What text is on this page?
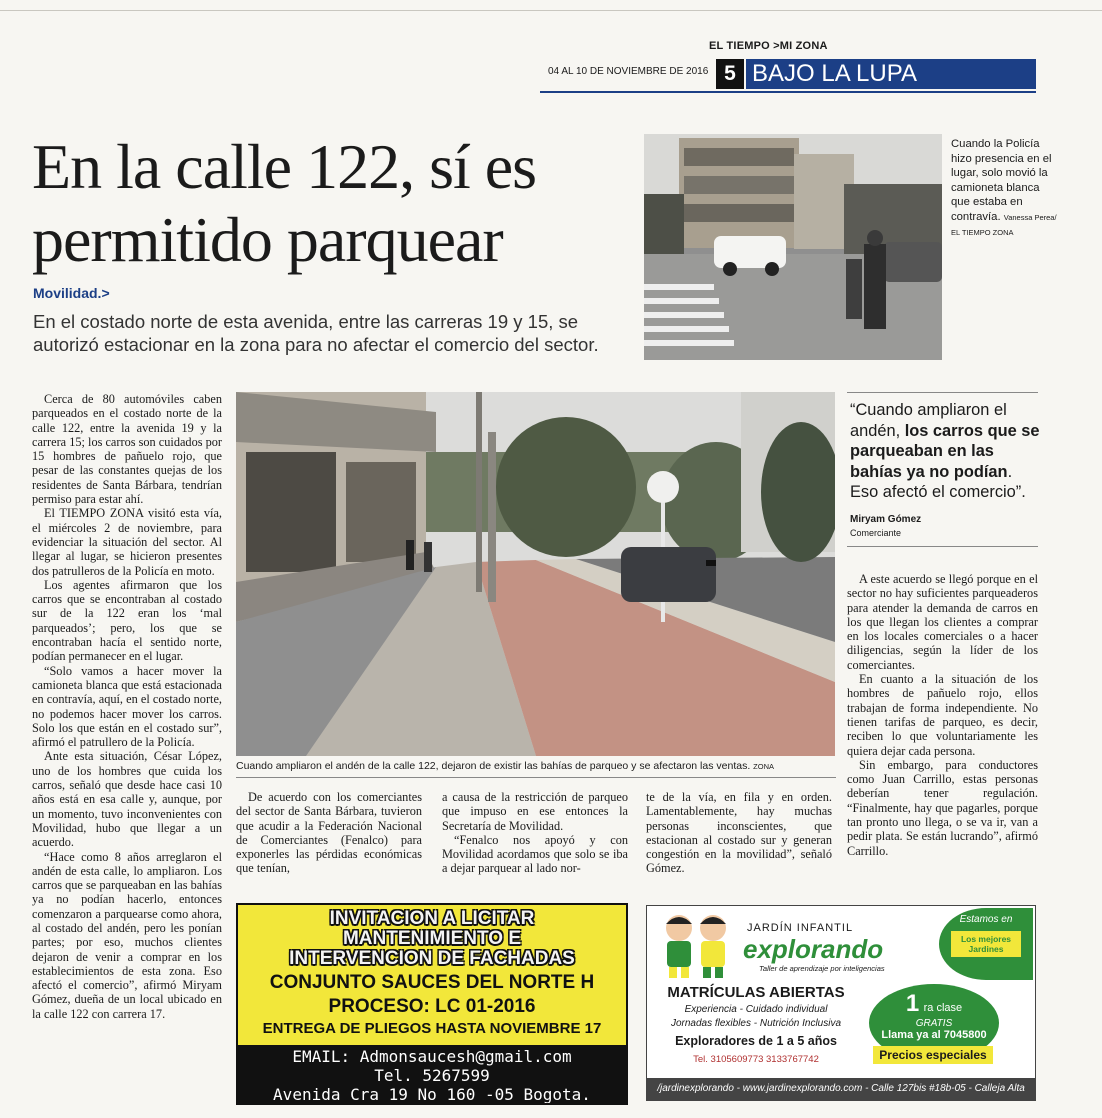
EL TIEMPO >MI ZONA
04 AL 10 DE NOVIEMBRE DE 2016 5 BAJO LA LUPA
En la calle 122, sí es
permitido parquear
Movilidad.>
En el costado norte de esta avenida, entre las carreras 19 y 15, se autorizó estacionar en la zona para no afectar el comercio del sector.
Cuando la Policía hizo presencia en el lugar, solo movió la camioneta blanca que estaba en contravía. Vanessa Perea/ EL TIEMPO ZONA

Cerca de 80 automóviles caben parqueados en el costado norte de la calle 122, entre la avenida 19 y la carrera 15; los carros son cuidados por 15 hombres de pañuelo rojo, que pesar de las constantes quejas de los residentes de Santa Bárbara, tendrían permiso para estar ahí.

El TIEMPO ZONA visitó esta vía, el miércoles 2 de noviembre, para evidenciar la situación del sector. Al llegar al lugar, se hicieron presentes dos patrulleros de la Policía en moto.

Los agentes afirmaron que los carros que se encontraban al costado sur de la 122 eran los ‘mal parqueados’; pero, los que se encontraban hacía el sentido norte, podían permanecer en el lugar.

“Solo vamos a hacer mover la camioneta blanca que está estacionada en contravía, aquí, en el costado norte, no podemos hacer mover los carros. Solo los que están en el costado sur”, afirmó el patrullero de la Policía.

Ante esta situación, César López, uno de los hombres que cuida los carros, señaló que desde hace casi 10 años está en esa calle y, aunque, por un momento, tuvo inconvenientes con Movilidad, hubo que llegar a un acuerdo.

“Hace como 8 años arreglaron el andén de esta calle, lo ampliaron. Los carros que se parqueaban en las bahías ya no podían hacerlo, entonces comenzaron a parquearse como ahora, al costado del andén, pero les ponían partes; por eso, muchos clientes dejaron de venir a comprar en los establecimientos de esta zona. Eso afectó el comercio”, afirmó Miryam Gómez, dueña de un local ubicado en la calle 122 con carrera 17.

Cuando ampliaron el andén de la calle 122, dejaron de existir las bahías de parqueo y se afectaron las ventas. ZONA

De acuerdo con los comerciantes del sector de Santa Bárbara, tuvieron que acudir a la Federación Nacional de Comerciantes (Fenalco) para exponerles las pérdidas económicas que tenían,

a causa de la restricción de parqueo que impuso en ese entonces la Secretaría de Movilidad.

“Fenalco nos apoyó y con Movilidad acordamos que solo se iba a dejar parquear al lado nor-

te de la vía, en fila y en orden. Lamentablemente, hay muchas personas inconscientes, que estacionan al costado sur y generan congestión en la movilidad”, señaló Gómez.

“Cuando ampliaron el andén, los carros que se parqueaban en las bahías ya no podían. Eso afectó el comercio”.
Miryam Gómez
Comerciante

A este acuerdo se llegó porque en el sector no hay suficientes parqueaderos para atender la demanda de carros en los que llegan los clientes a comprar en los locales comerciales o a hacer diligencias, según la líder de los comerciantes.

En cuanto a la situación de los hombres de pañuelo rojo, ellos trabajan de forma independiente. No tienen tarifas de parqueo, es decir, reciben lo que voluntariamente les quiera dejar cada persona.

Sin embargo, para conductores como Juan Carrillo, estas personas deberían tener regulación. “Finalmente, hay que pagarles, porque tan pronto uno llega, o se va ir, van a pedir plata. Se están lucrando”, afirmó Carrillo.

INVITACION A LICITAR
MANTENIMIENTO E
INTERVENCION DE FACHADAS
CONJUNTO SAUCES DEL NORTE H
PROCESO: LC 01-2016
ENTREGA DE PLIEGOS HASTA NOVIEMBRE 17
EMAIL: Admonsaucesh@gmail.com
Tel. 5267599
Avenida Cra 19 No 160 -05 Bogota.
JARDÍN INFANTIL
explorando
Taller de aprendizaje por inteligencias
Estamos en
Los mejores Jardines
MATRÍCULAS ABIERTAS
Experiencia - Cuidado individual
Jornadas flexibles - Nutrición Inclusiva
Exploradores de 1 a 5 años
Tel. 3105609773 3133767742
1 ra clase
GRATIS
Llama ya al 7045800
Precios especiales
/jardinexplorando - www.jardinexplorando.com - Calle 127bis #18b-05 - Calleja Alta
